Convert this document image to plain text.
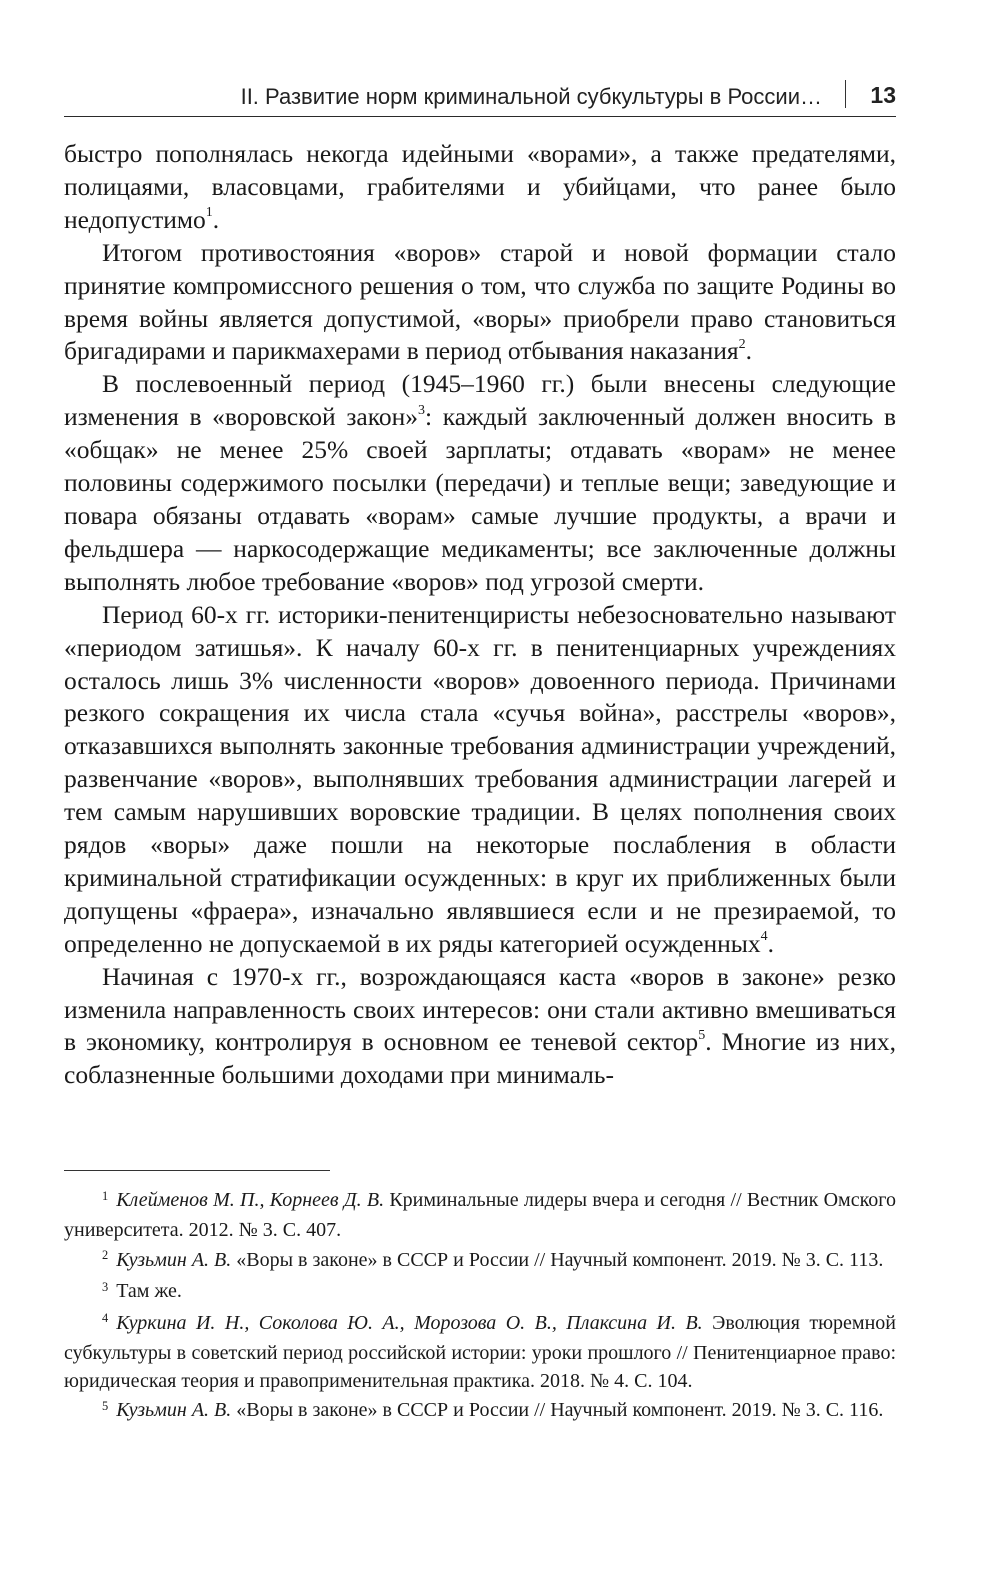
II. Развитие норм криминальной субкультуры в России… 13

быстро пополнялась некогда идейными «ворами», а также предателями, полицаями, власовцами, грабителями и убийцами, что ранее было недопустимо$^1$.

Итогом противостояния «воров» старой и новой формации стало принятие компромиссного решения о том, что служба по защите Родины во время войны является допустимой, «воры» приобрели право становиться бригадирами и парикмахерами в период отбывания наказания$^2$.

В послевоенный период (1945–1960 гг.) были внесены следующие изменения в «воровской закон»$^3$: каждый заключенный должен вносить в «общак» не менее 25% своей зарплаты; отдавать «ворам» не менее половины содержимого посылки (передачи) и теплые вещи; заведующие и повара обязаны отдавать «ворам» самые лучшие продукты, а врачи и фельдшера — наркосодержащие медикаменты; все заключенные должны выполнять любое требование «воров» под угрозой смерти.

Период 60-х гг. историки-пенитенциристы небезосновательно называют «периодом затишья». К началу 60-х гг. в пенитенциарных учреждениях осталось лишь 3% численности «воров» довоенного периода. Причинами резкого сокращения их числа стала «сучья война», расстрелы «воров», отказавшихся выполнять законные требования администрации учреждений, развенчание «воров», выполнявших требования администрации лагерей и тем самым нарушивших воровские традиции. В целях пополнения своих рядов «воры» даже пошли на некоторые послабления в области криминальной стратификации осужденных: в круг их приближенных были допущены «фраера», изначально являвшиеся если и не презираемой, то определенно не допускаемой в их ряды категорией осужденных$^4$.

Начиная с 1970-х гг., возрождающаяся каста «воров в законе» резко изменила направленность своих интересов: они стали активно вмешиваться в экономику, контролируя в основном ее теневой сектор$^5$. Многие из них, соблазненные большими доходами при минималь-

$^1$ Клейменов М. П., Корнеев Д. В. Криминальные лидеры вчера и сегодня // Вестник Омского университета. 2012. № 3. С. 407.

$^2$ Кузьмин А. В. «Воры в законе» в СССР и России // Научный компонент. 2019. № 3. С. 113.

$^3$ Там же.

$^4$ Куркина И. Н., Соколова Ю. А., Морозова О. В., Плаксина И. В. Эволюция тюремной субкультуры в советский период российской истории: уроки прошлого // Пенитенциарное право: юридическая теория и правоприменительная практика. 2018. № 4. С. 104.

$^5$ Кузьмин А. В. «Воры в законе» в СССР и России // Научный компонент. 2019. № 3. С. 116.
